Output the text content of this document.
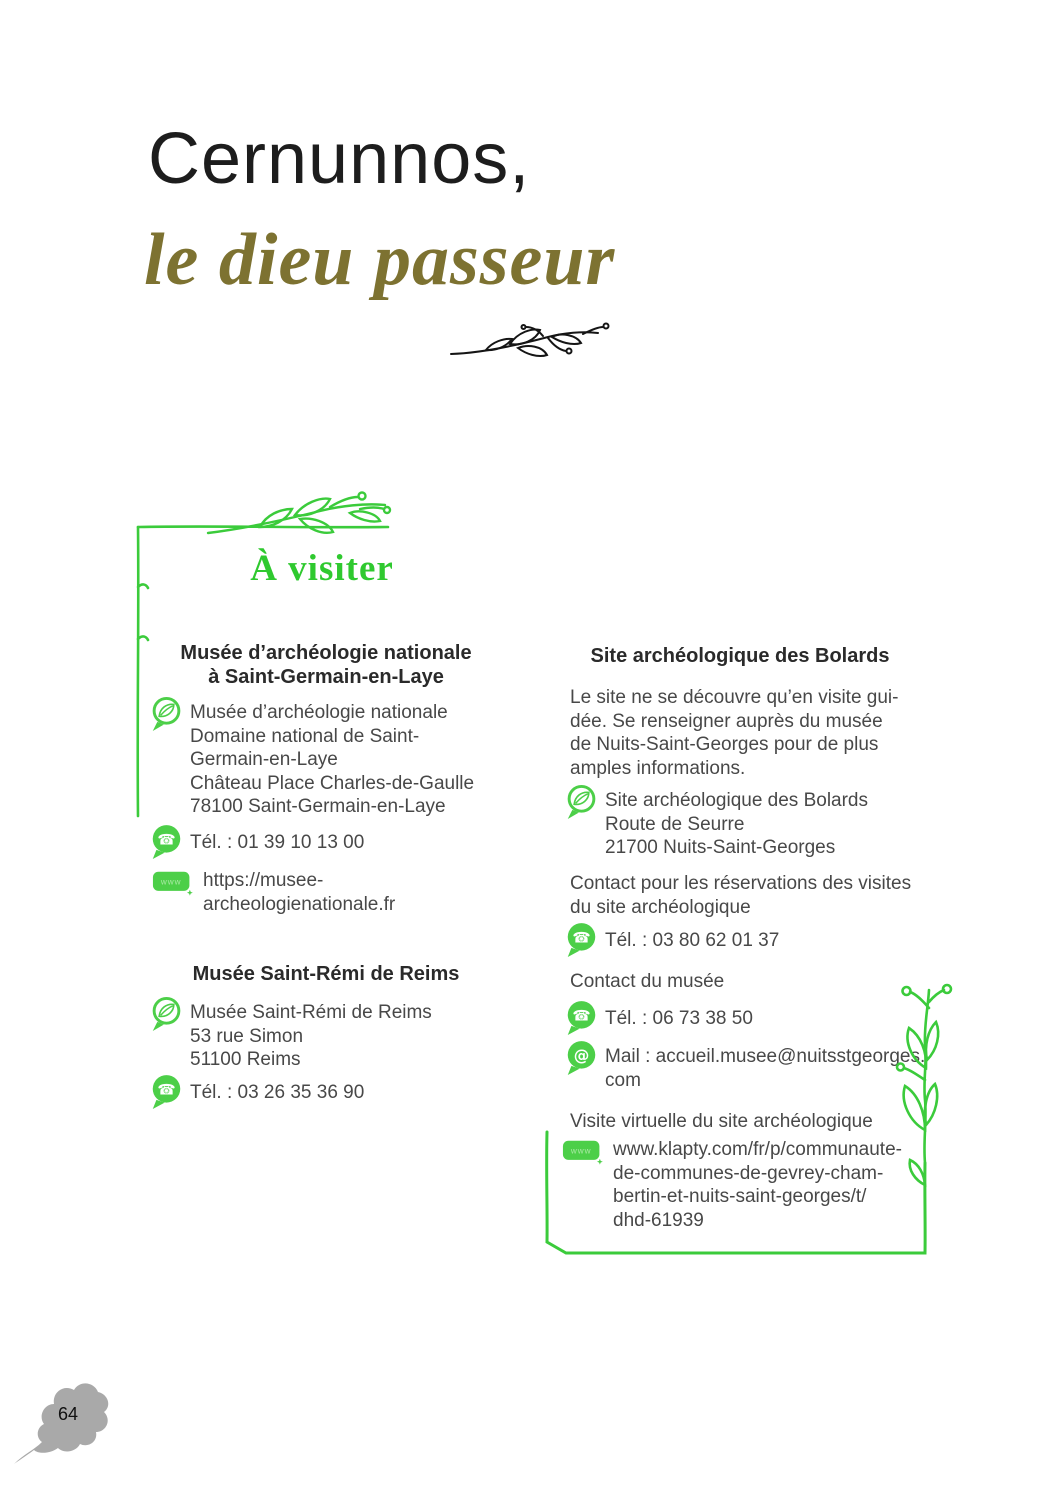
Cernunnos,
le dieu passeur
À visiter
Musée d’archéologie nationale
à Saint-Germain-en-Laye
Musée d’archéologie nationale
Domaine national de Saint-
Germain-en-Laye
Château Place Charles-de-Gaulle
78100 Saint-Germain-en-Laye
☎ Tél. : 01 39 10 13 00
www https://musee-
archeologienationale.fr
Musée Saint-Rémi de Reims
Musée Saint-Rémi de Reims
53 rue Simon
51100 Reims
☎ Tél. : 03 26 35 36 90
Site archéologique des Bolards
Le site ne se découvre qu’en visite gui-
dée. Se renseigner auprès du musée
de Nuits-Saint-Georges pour de plus
amples informations.
Site archéologique des Bolards
Route de Seurre
21700 Nuits-Saint-Georges
Contact pour les réservations des visites
du site archéologique
☎ Tél. : 03 80 62 01 37
Contact du musée
☎ Tél. : 06 73 38 50
@ Mail : accueil.musee@nuitsstgeorges.
com
Visite virtuelle du site archéologique
www www.klapty.com/fr/p/communaute-
de-communes-de-gevrey-cham-
bertin-et-nuits-saint-georges/t/
dhd-61939
64
